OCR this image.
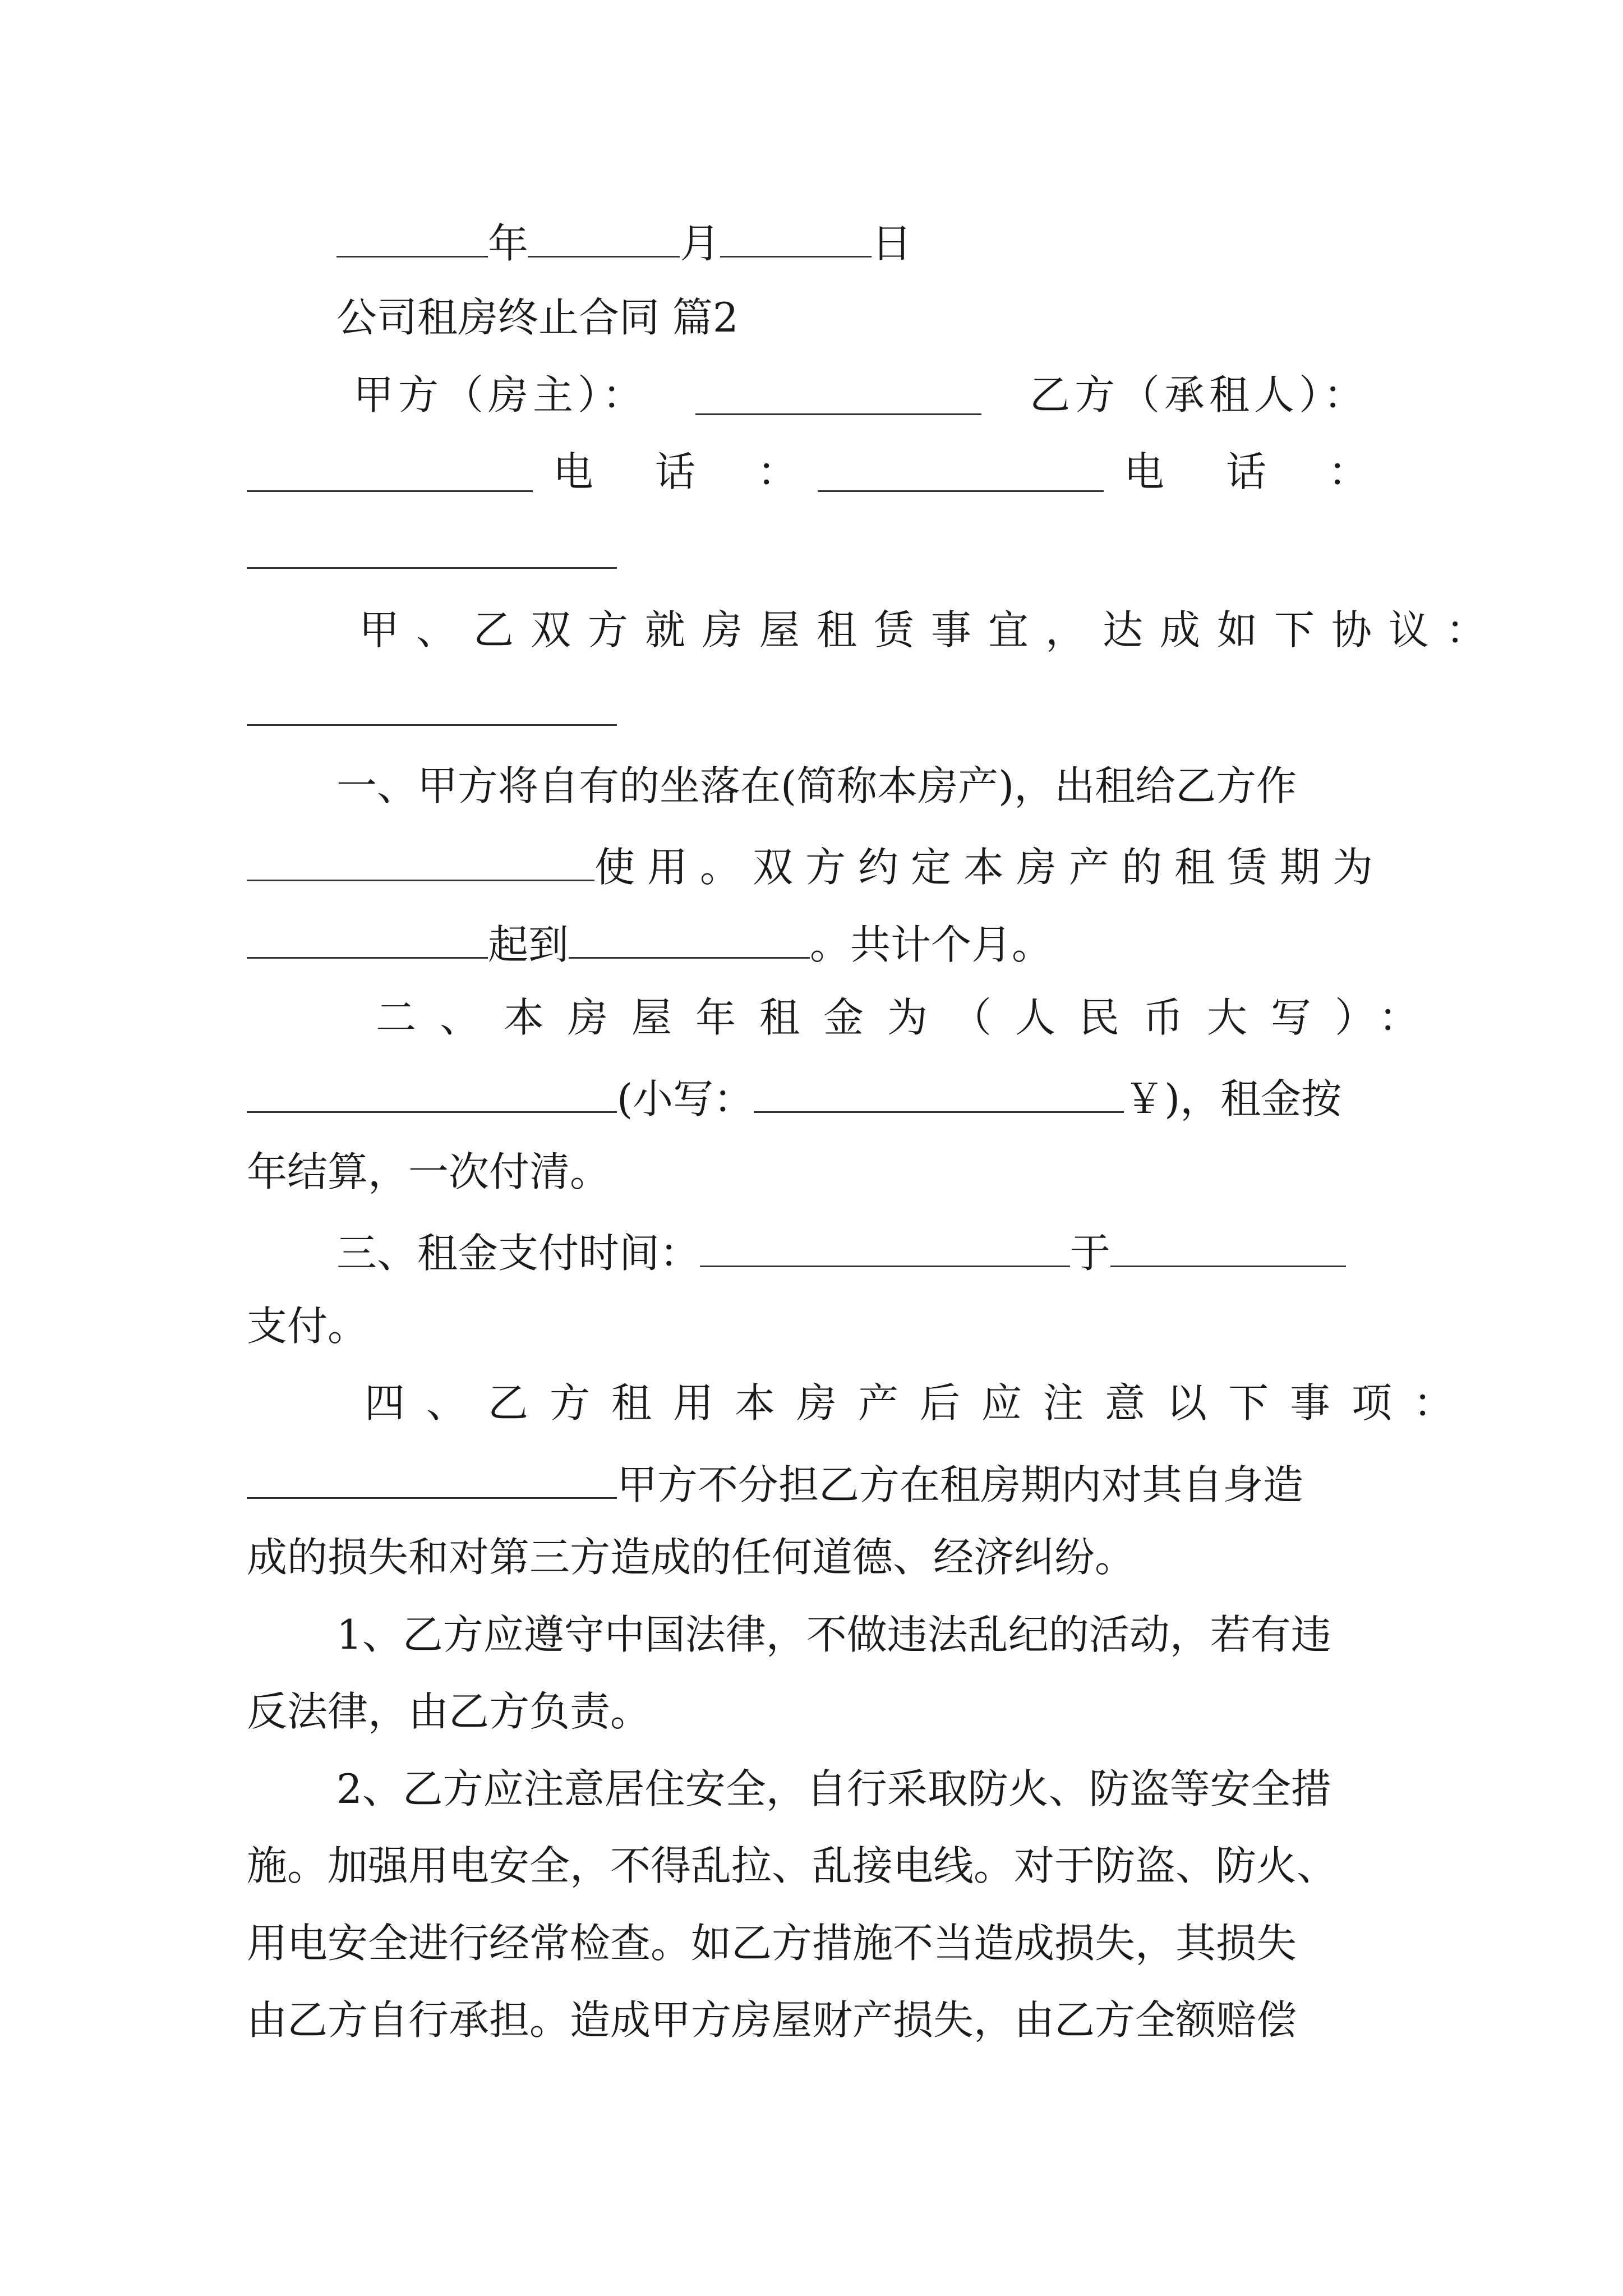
年	月	日
公司租房终止合同 篇2
甲方（房主）：	乙方（承租人）：
电话：	电话：
甲、乙双方就房屋租赁事宜，达成如下协议：
一、甲方将自有的坐落在(简称本房产)，出租给乙方作
使用。双方约定本房产的租赁期为
起到	。共计个月。
二、本房屋年租金为（人民币大写）：
(小写：	￥)，租金按
年结算，一次付清。
三、租金支付时间：	于
支付。
四、乙方租用本房产后应注意以下事项：
甲方不分担乙方在租房期内对其自身造
成的损失和对第三方造成的任何道德、经济纠纷。
1、乙方应遵守中国法律，不做违法乱纪的活动，若有违
反法律，由乙方负责。
2、乙方应注意居住安全，自行采取防火、防盗等安全措
施。加强用电安全，不得乱拉、乱接电线。对于防盗、防火、
用电安全进行经常检查。如乙方措施不当造成损失，其损失
由乙方自行承担。造成甲方房屋财产损失，由乙方全额赔偿
